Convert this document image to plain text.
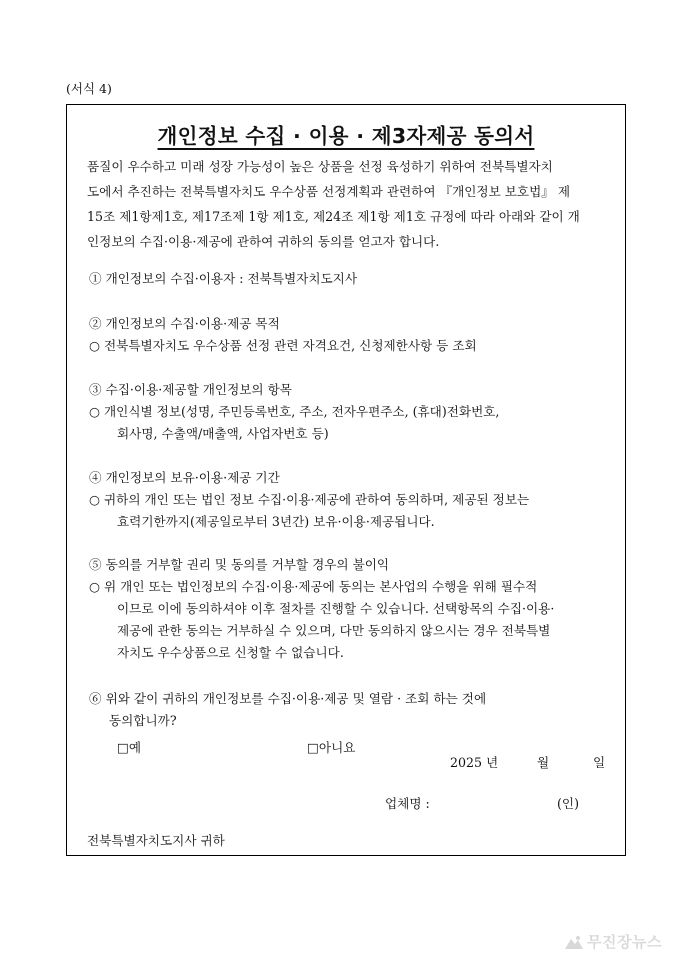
(서식 4)
개인정보 수집 · 이용 · 제3자제공 동의서
품질이 우수하고 미래 성장 가능성이 높은 상품을 선정 육성하기 위하여 전북특별자치
도에서 추진하는 전북특별자치도 우수상품 선정계획과 관련하여 『개인정보 보호법』 제
15조 제1항제1호, 제17조제 1항 제1호, 제24조 제1항 제1호 규정에 따라 아래와 같이 개
인정보의 수집·이용·제공에 관하여 귀하의 동의를 얻고자 합니다.
① 개인정보의 수집·이용자 : 전북특별자치도지사
② 개인정보의 수집·이용·제공 목적
○ 전북특별자치도 우수상품 선정 관련 자격요건, 신청제한사항 등 조회
③ 수집·이용·제공할 개인정보의 항목
○ 개인식별 정보(성명, 주민등록번호, 주소, 전자우편주소, (휴대)전화번호,
회사명, 수출액/매출액, 사업자번호 등)
④ 개인정보의 보유·이용·제공 기간
○ 귀하의 개인 또는 법인 정보 수집·이용·제공에 관하여 동의하며, 제공된 정보는
효력기한까지(제공일로부터 3년간) 보유·이용·제공됩니다.
⑤ 동의를 거부할 권리 및 동의를 거부할 경우의 불이익
○ 위 개인 또는 법인정보의 수집·이용·제공에 동의는 본사업의 수행을 위해 필수적
이므로 이에 동의하셔야 이후 절차를 진행할 수 있습니다. 선택항목의 수집·이용·
제공에 관한 동의는 거부하실 수 있으며, 다만 동의하지 않으시는 경우 전북특별
자치도 우수상품으로 신청할 수 없습니다.
⑥ 위와 같이 귀하의 개인정보를 수집·이용·제공 및 열람 · 조회 하는 것에
동의합니까?
□예	□아니요
2025 년	월	일
업체명 :	(인)
전북특별자치도지사 귀하
무진장뉴스
